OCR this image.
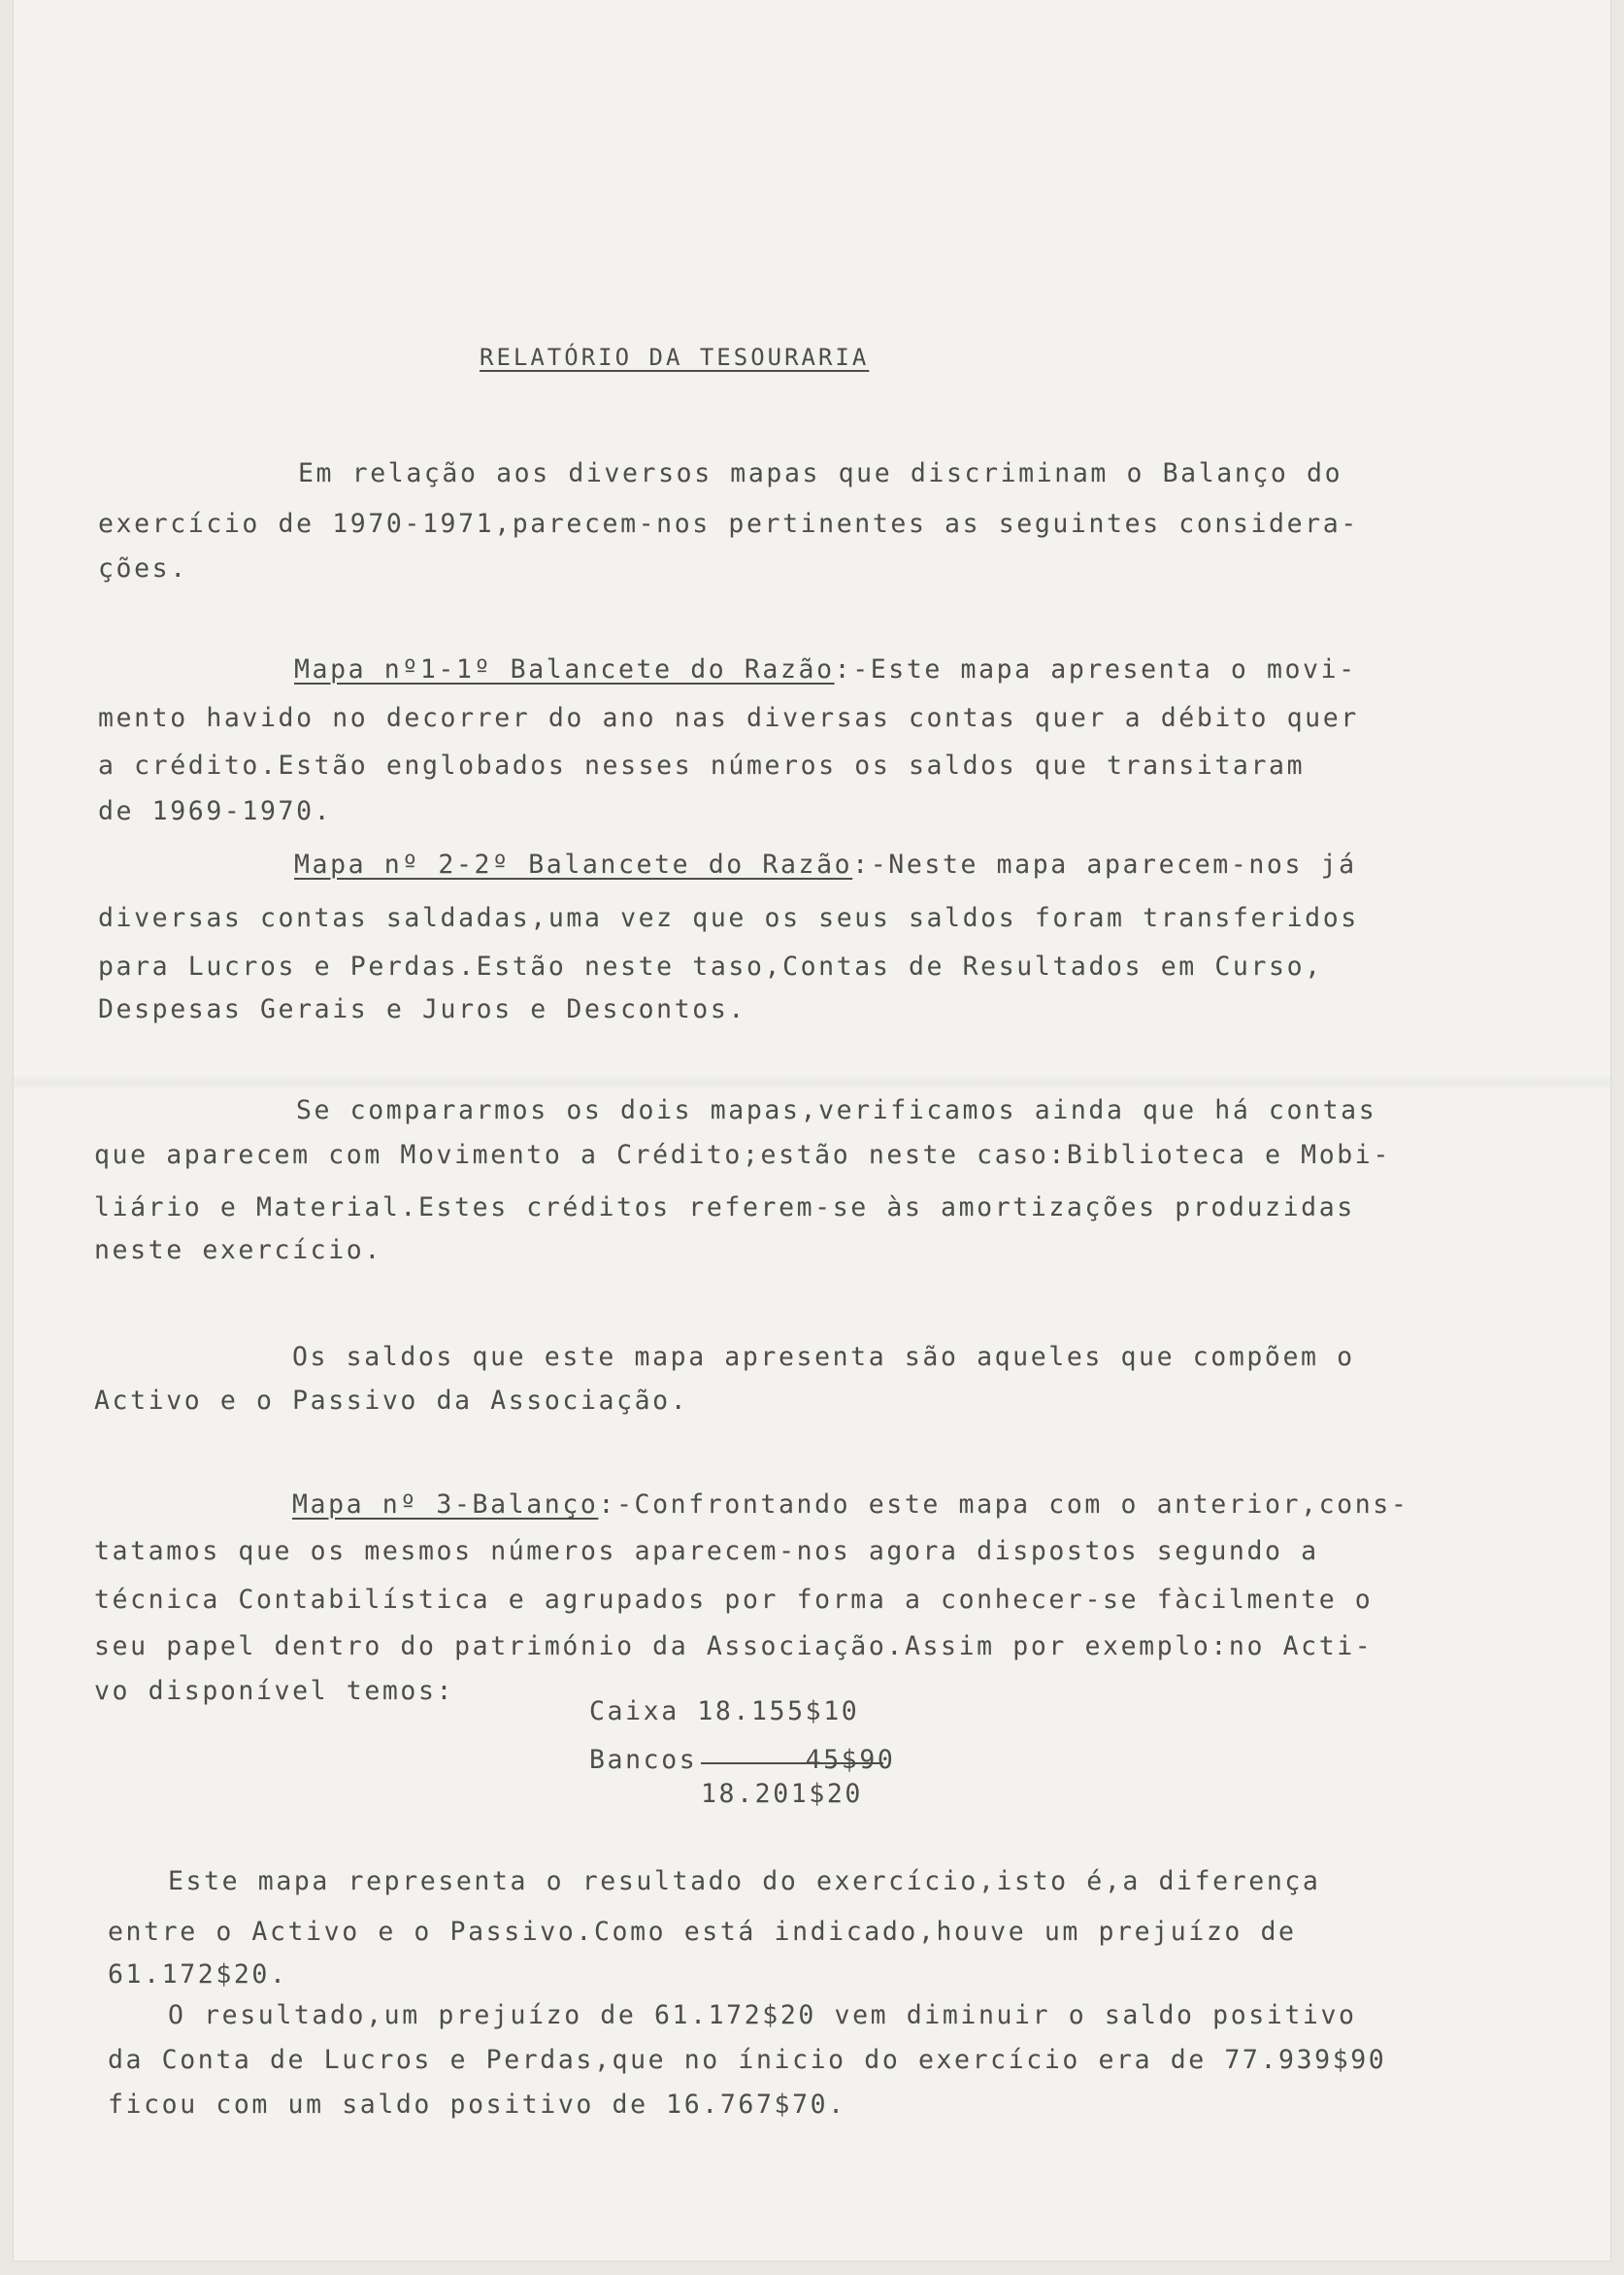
RELATÓRIO DA TESOURARIA
Em relação aos diversos mapas que discriminam o Balanço do
exercício de 1970-1971,parecem-nos pertinentes as seguintes considera-
ções.
Mapa nº1-1º Balancete do Razão:-Este mapa apresenta o movi-
mento havido no decorrer do ano nas diversas contas quer a débito quer
a crédito.Estão englobados nesses números os saldos que transitaram
de 1969-1970.
Mapa nº 2-2º Balancete do Razão:-Neste mapa aparecem-nos já
diversas contas saldadas,uma vez que os seus saldos foram transferidos
para Lucros e Perdas.Estão neste taso,Contas de Resultados em Curso,
Despesas Gerais e Juros e Descontos.
Se compararmos os dois mapas,verificamos ainda que há contas
que aparecem com Movimento a Crédito;estão neste caso:Biblioteca e Mobi-
liário e Material.Estes créditos referem-se às amortizações produzidas
neste exercício.
Os saldos que este mapa apresenta são aqueles que compõem o
Activo e o Passivo da Associação.
Mapa nº 3-Balanço:-Confrontando este mapa com o anterior,cons-
tatamos que os mesmos números aparecem-nos agora dispostos segundo a
técnica Contabilística e agrupados por forma a conhecer-se fàcilmente o
seu papel dentro do património da Associação.Assim por exemplo:no Acti-
vo disponível temos:
Caixa 18.155$10
Bancos      45$90
18.201$20
Este mapa representa o resultado do exercício,isto é,a diferença
entre o Activo e o Passivo.Como está indicado,houve um prejuízo de
61.172$20.
O resultado,um prejuízo de 61.172$20 vem diminuir o saldo positivo
da Conta de Lucros e Perdas,que no ínicio do exercício era de 77.939$90
ficou com um saldo positivo de 16.767$70.
